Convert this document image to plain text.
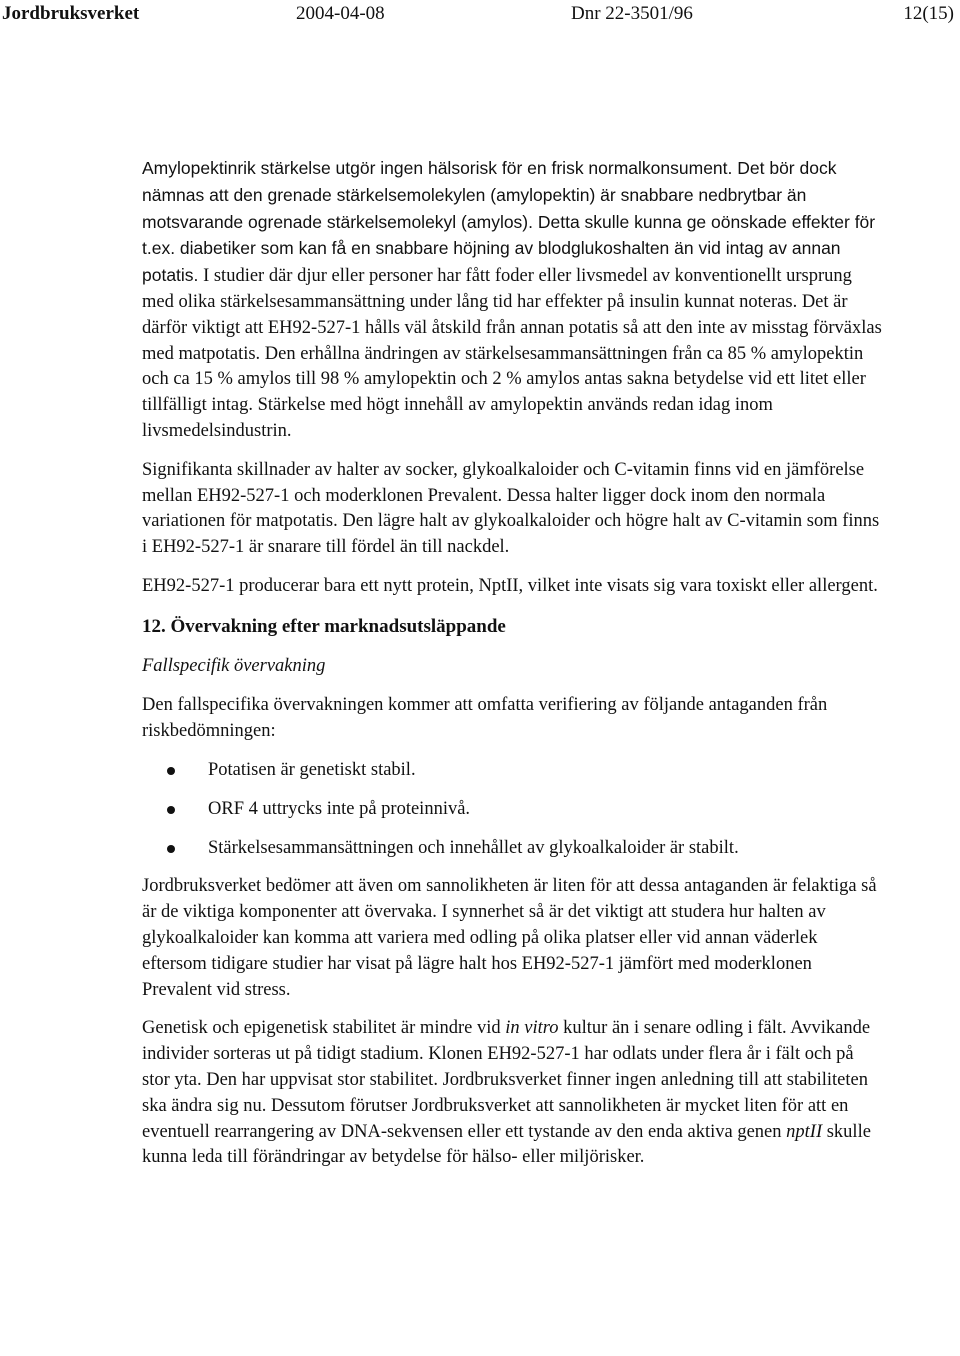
Jordbruksverket	2004-04-08	Dnr 22-3501/96	12(15)

Amylopektinrik stärkelse utgör ingen hälsorisk för en frisk normalkonsument. Det bör dock nämnas att den grenade stärkelsemolekylen (amylopektin) är snabbare nedbrytbar än motsvarande ogrenade stärkelsemolekyl (amylos). Detta skulle kunna ge oönskade effekter för t.ex. diabetiker som kan få en snabbare höjning av blodglukoshalten än vid intag av annan potatis. I studier där djur eller personer har fått foder eller livsmedel av konventionellt ursprung med olika stärkelsesammansättning under lång tid har effekter på insulin kunnat noteras. Det är därför viktigt att EH92-527-1 hålls väl åtskild från annan potatis så att den inte av misstag förväxlas med matpotatis. Den erhållna ändringen av stärkelsesammansättningen från ca 85 % amylopektin och ca 15 % amylos till 98 % amylopektin och 2 % amylos antas sakna betydelse vid ett litet eller tillfälligt intag. Stärkelse med högt innehåll av amylopektin används redan idag inom livsmedelsindustrin.

Signifikanta skillnader av halter av socker, glykoalkaloider och C-vitamin finns vid en jämförelse mellan EH92-527-1 och moderklonen Prevalent. Dessa halter ligger dock inom den normala variationen för matpotatis. Den lägre halt av glykoalkaloider och högre halt av C-vitamin som finns i EH92-527-1 är snarare till fördel än till nackdel.

EH92-527-1 producerar bara ett nytt protein, NptII, vilket inte visats sig vara toxiskt eller allergent.

12. Övervakning efter marknadsutsläppande
Fallspecifik övervakning

Den fallspecifika övervakningen kommer att omfatta verifiering av följande antaganden från riskbedömningen:

Potatisen är genetiskt stabil.
ORF 4 uttrycks inte på proteinnivå.
Stärkelsesammansättningen och innehållet av glykoalkaloider är stabilt.

Jordbruksverket bedömer att även om sannolikheten är liten för att dessa antaganden är felaktiga så är de viktiga komponenter att övervaka. I synnerhet så är det viktigt att studera hur halten av glykoalkaloider kan komma att variera med odling på olika platser eller vid annan väderlek eftersom tidigare studier har visat på lägre halt hos EH92-527-1 jämfört med moderklonen Prevalent vid stress.

Genetisk och epigenetisk stabilitet är mindre vid in vitro kultur än i senare odling i fält. Avvikande individer sorteras ut på tidigt stadium. Klonen EH92-527-1 har odlats under flera år i fält och på stor yta. Den har uppvisat stor stabilitet. Jordbruksverket finner ingen anledning till att stabiliteten ska ändra sig nu. Dessutom förutser Jordbruksverket att sannolikheten är mycket liten för att en eventuell rearrangering av DNA-sekvensen eller ett tystande av den enda aktiva genen nptII skulle kunna leda till förändringar av betydelse för hälso- eller miljörisker.
